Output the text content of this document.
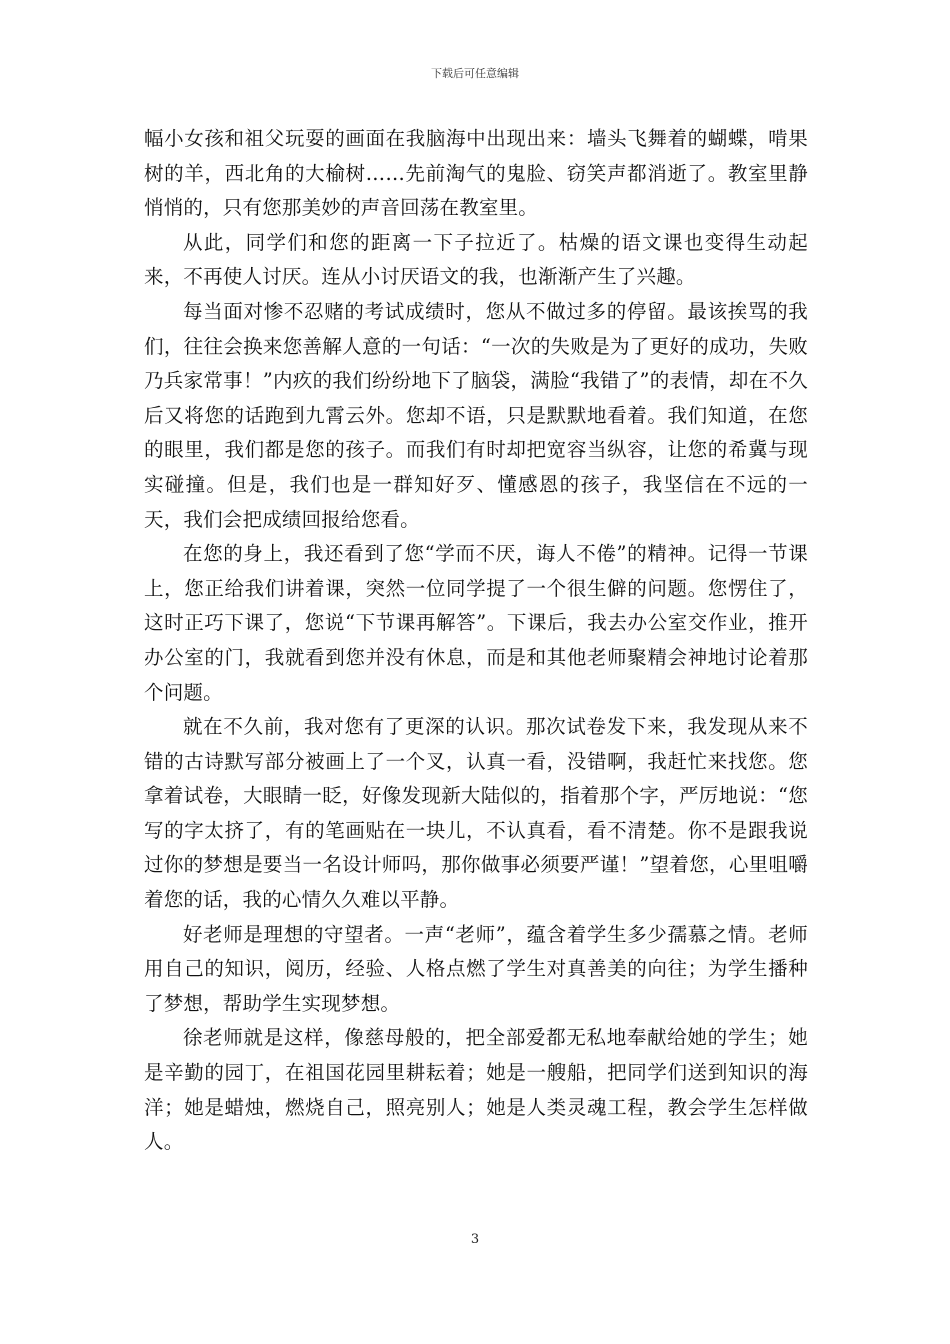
下载后可任意编辑

幅小女孩和祖父玩耍的画面在我脑海中出现出来：墙头飞舞着的蝴蝶，啃果树的羊，西北角的大榆树……先前淘气的鬼脸、窃笑声都消逝了。教室里静悄悄的，只有您那美妙的声音回荡在教室里。

从此，同学们和您的距离一下子拉近了。枯燥的语文课也变得生动起来，不再使人讨厌。连从小讨厌语文的我，也渐渐产生了兴趣。

每当面对惨不忍赌的考试成绩时，您从不做过多的停留。最该挨骂的我们，往往会换来您善解人意的一句话：“一次的失败是为了更好的成功，失败乃兵家常事！”内疚的我们纷纷地下了脑袋，满脸“我错了”的表情，却在不久后又将您的话跑到九霄云外。您却不语，只是默默地看着。我们知道，在您的眼里，我们都是您的孩子。而我们有时却把宽容当纵容，让您的希冀与现实碰撞。但是，我们也是一群知好歹、懂感恩的孩子，我坚信在不远的一天，我们会把成绩回报给您看。

在您的身上，我还看到了您“学而不厌，诲人不倦”的精神。记得一节课上，您正给我们讲着课，突然一位同学提了一个很生僻的问题。您愣住了，这时正巧下课了，您说“下节课再解答”。下课后，我去办公室交作业，推开办公室的门，我就看到您并没有休息，而是和其他老师聚精会神地讨论着那个问题。

就在不久前，我对您有了更深的认识。那次试卷发下来，我发现从来不错的古诗默写部分被画上了一个叉，认真一看，没错啊，我赶忙来找您。您拿着试卷，大眼睛一眨，好像发现新大陆似的，指着那个字，严厉地说：“您写的字太挤了，有的笔画贴在一块儿，不认真看，看不清楚。你不是跟我说过你的梦想是要当一名设计师吗，那你做事必须要严谨！”望着您，心里咀嚼着您的话，我的心情久久难以平静。

好老师是理想的守望者。一声“老师”，蕴含着学生多少孺慕之情。老师用自己的知识，阅历，经验、人格点燃了学生对真善美的向往；为学生播种了梦想，帮助学生实现梦想。

徐老师就是这样，像慈母般的，把全部爱都无私地奉献给她的学生；她是辛勤的园丁，在祖国花园里耕耘着；她是一艘船，把同学们送到知识的海洋；她是蜡烛，燃烧自己，照亮别人；她是人类灵魂工程，教会学生怎样做人。

3
